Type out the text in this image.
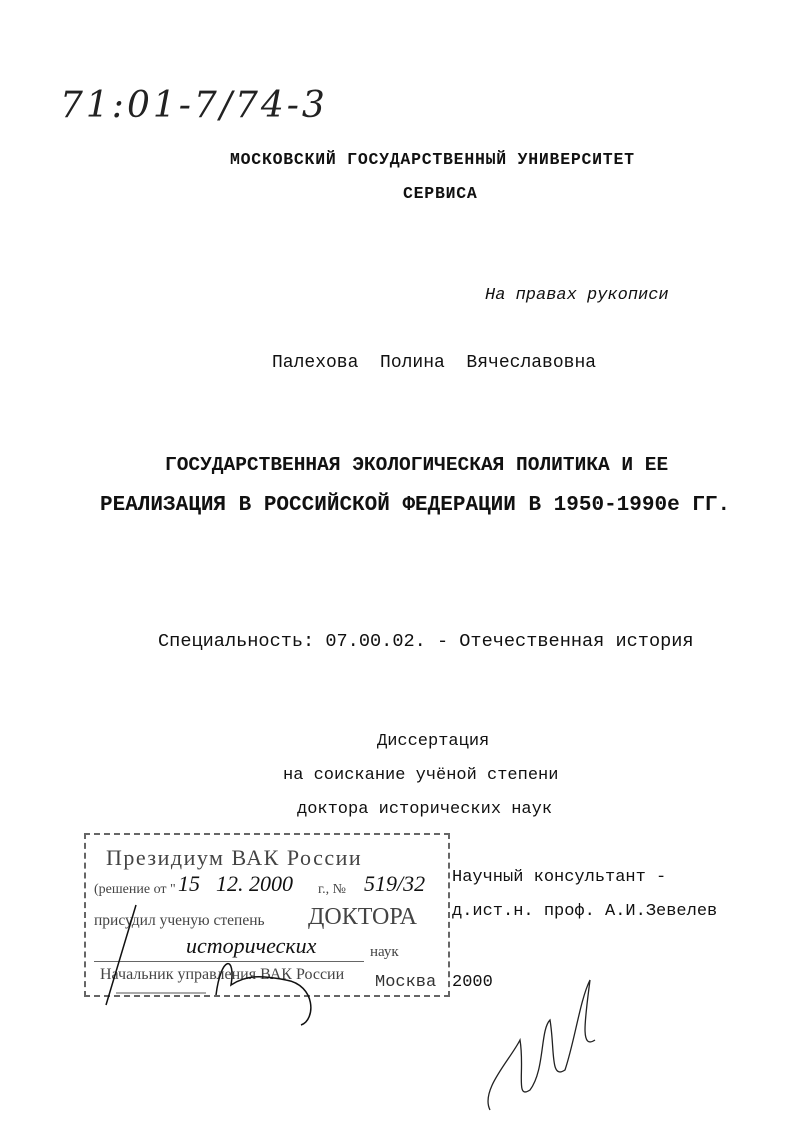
71:01-7/74-3
МОСКОВСКИЙ ГОСУДАРСТВЕННЫЙ УНИВЕРСИТЕТ
СЕРВИСА
На правах рукописи
Палехова  Полина  Вячеславовна
ГОСУДАРСТВЕННАЯ ЭКОЛОГИЧЕСКАЯ ПОЛИТИКА И ЕЕ
РЕАЛИЗАЦИЯ В РОССИЙСКОЙ ФЕДЕРАЦИИ В 1950-1990е ГГ.
Специальность: 07.00.02. - Отечественная история
Диссертация
на соискание учёной степени
доктора исторических наук
Научный консультант -
д.ист.н. проф. А.И.Зевелев
Москва 2000
Президиум ВАК России
(решение от " 15 12. 2000 г., № 519/32
присудил ученую степень ДОКТОРА
исторических	наук
Начальник управления ВАК России
